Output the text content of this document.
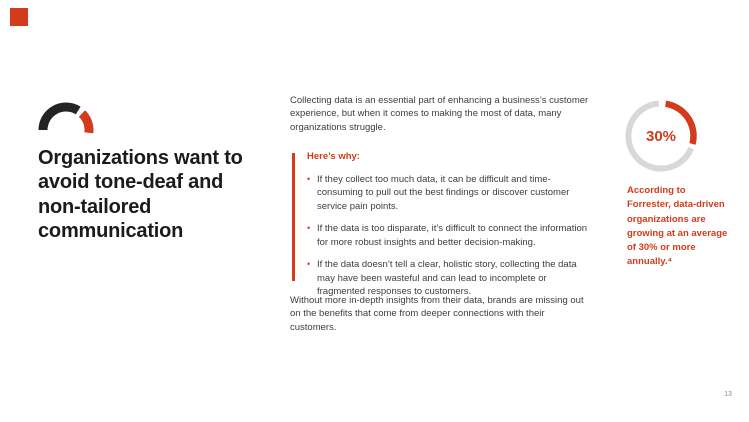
Organizations want to avoid tone-deaf and non-tailored communication

Collecting data is an essential part of enhancing a business’s customer experience, but when it comes to making the most of data, many organizations struggle.

Here’s why:
• If they collect too much data, it can be difficult and time-consuming to pull out the best findings or discover customer service pain points.
• If the data is too disparate, it’s difficult to connect the information for more robust insights and better decision-making.
• If the data doesn’t tell a clear, holistic story, collecting the data may have been wasteful and can lead to incomplete or fragmented responses to customers.

Without more in-depth insights from their data, brands are missing out on the benefits that come from deeper connections with their customers.

30%

According to Forrester, data-driven organizations are growing at an average of 30% or more annually.⁴

13
